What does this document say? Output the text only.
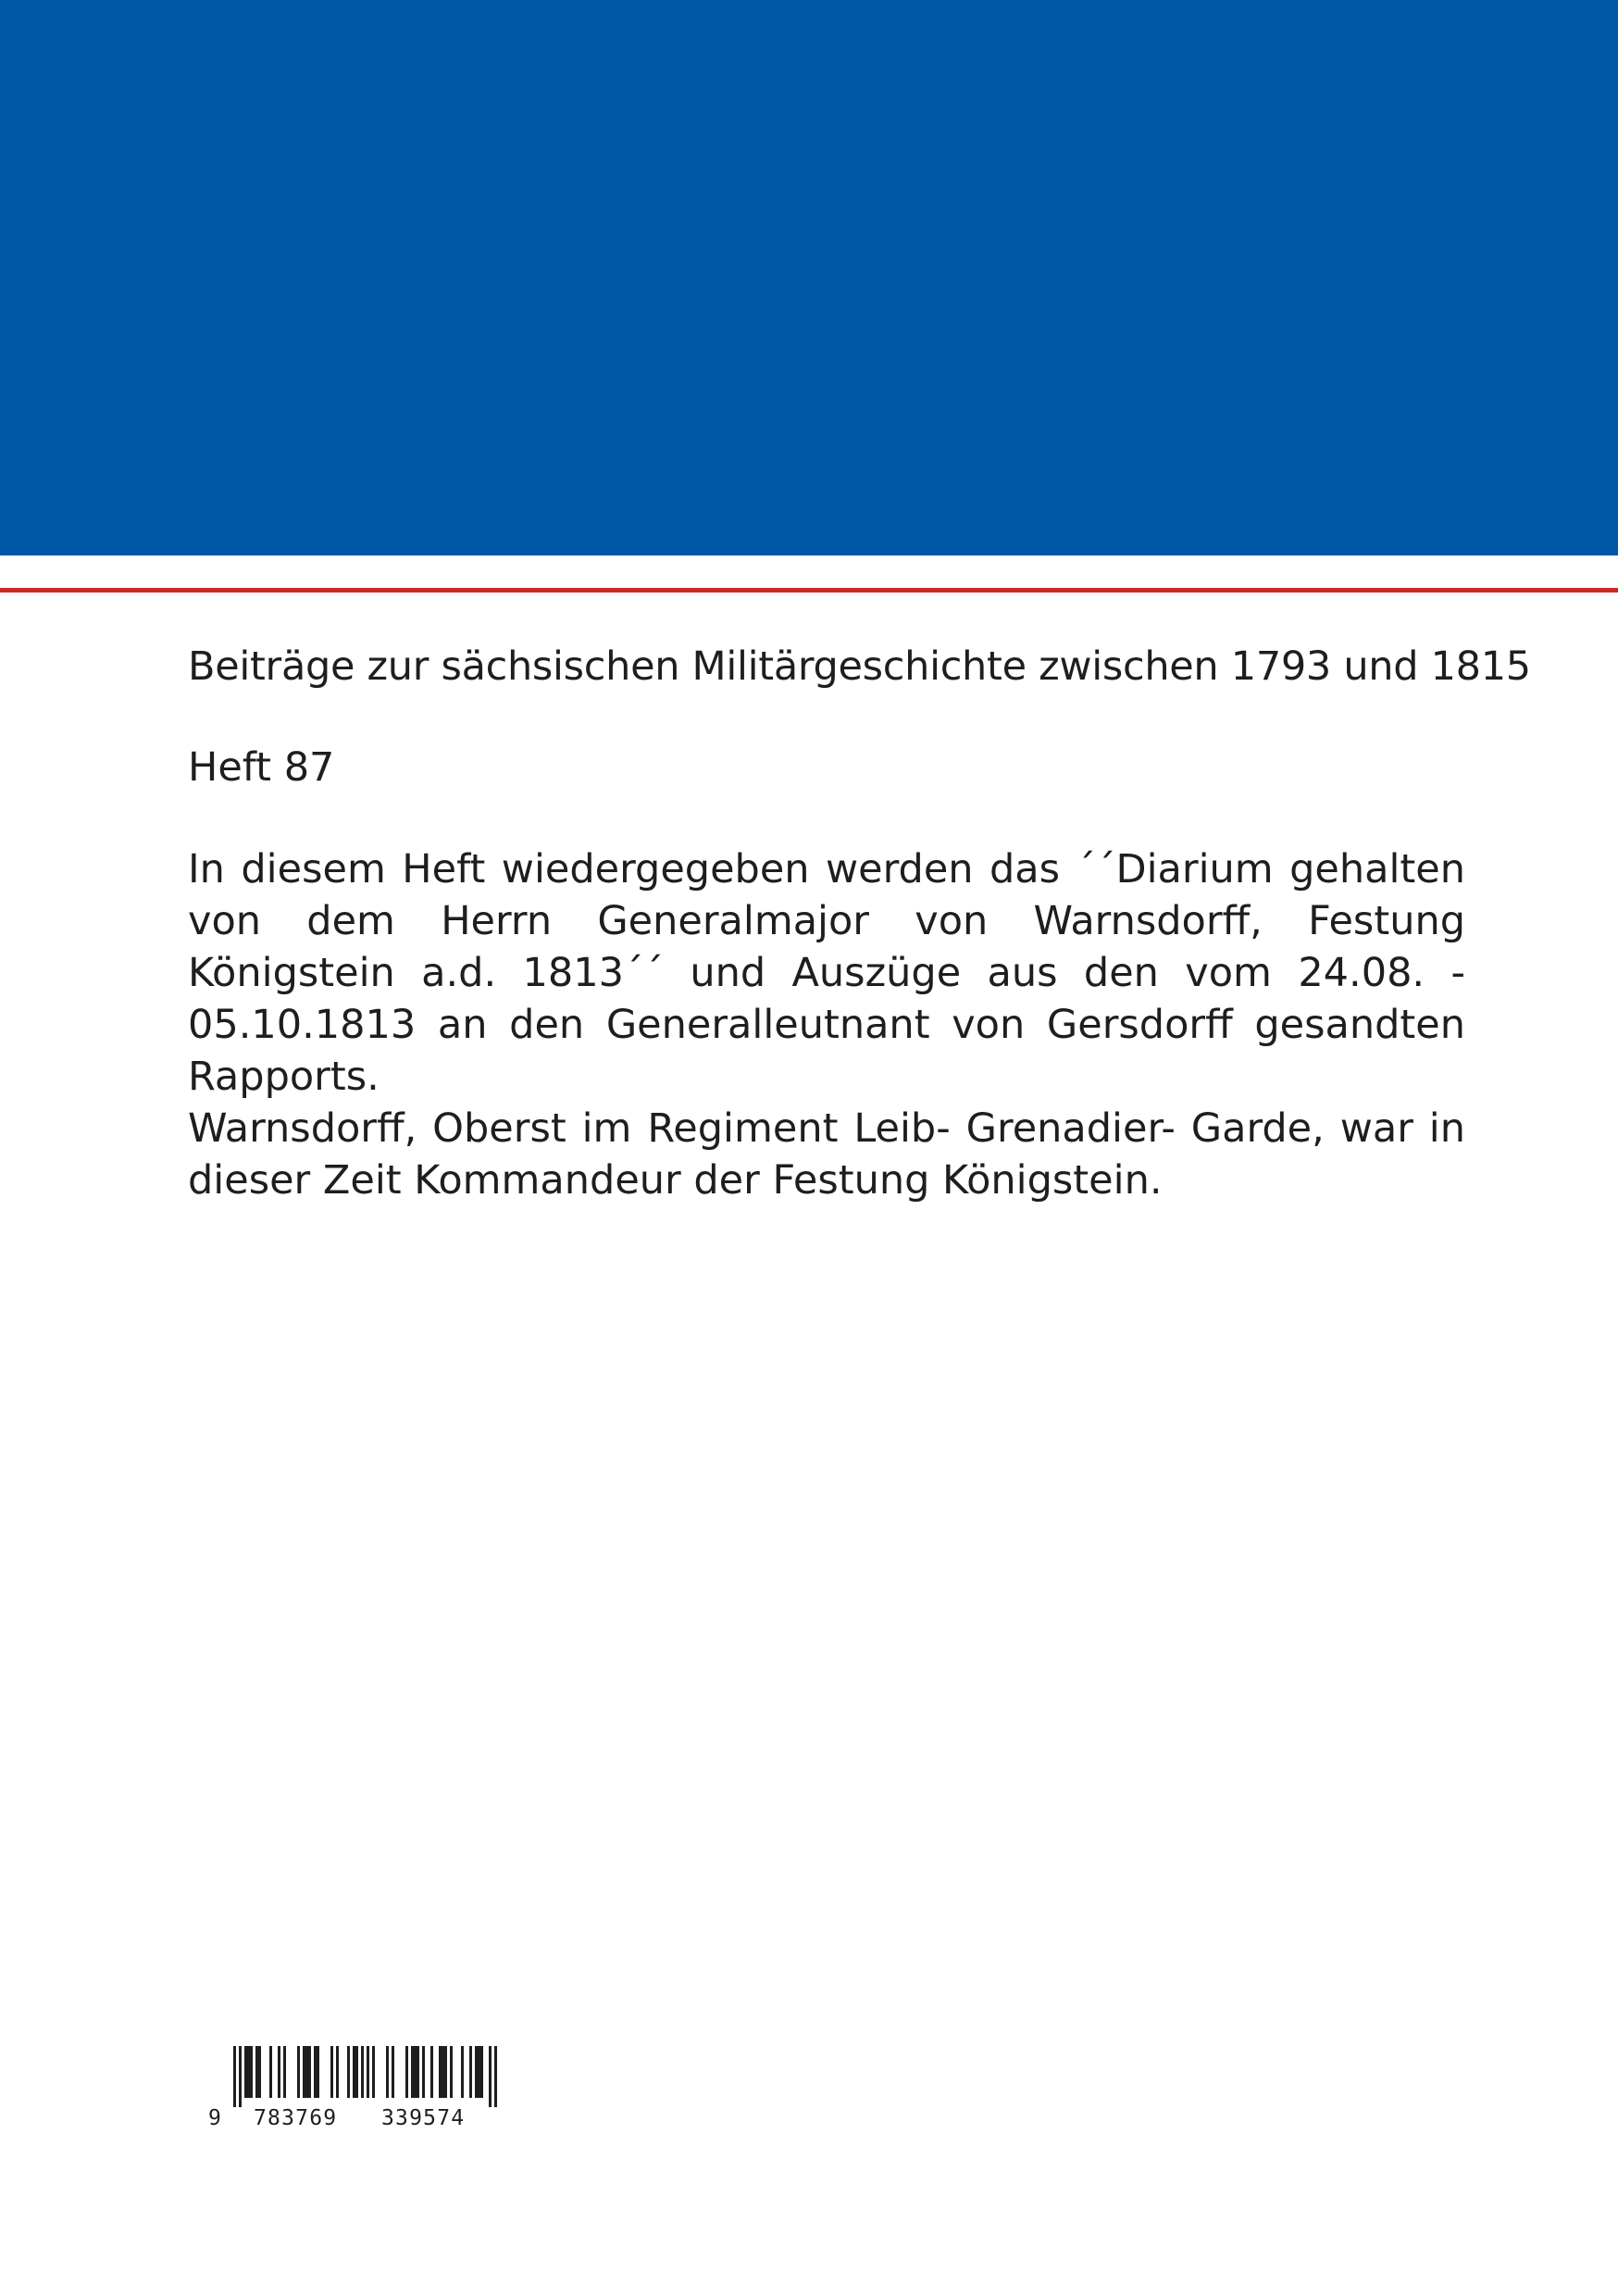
Beiträge zur sächsischen Militärgeschichte zwischen 1793 und 1815

Heft 87

In diesem Heft wiedergegeben werden das ´´Diarium gehalten von dem Herrn Generalmajor von Warnsdorff, Festung Königstein a.d. 1813´´ und Auszüge aus den vom 24.08. - 05.10.1813 an den Generalleutnant von Gersdorff gesandten Rapports.

Warnsdorff, Oberst im Regiment Leib- Grenadier- Garde, war in dieser Zeit Kommandeur der Festung Königstein.

9 783769 339574
